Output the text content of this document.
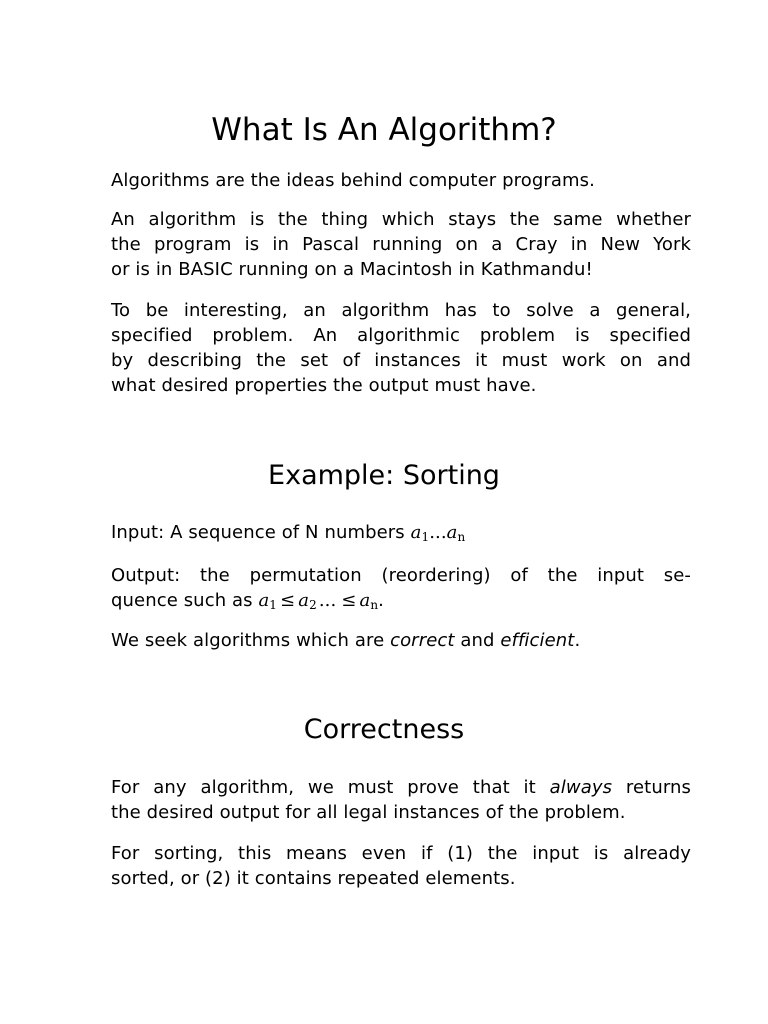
What Is An Algorithm?

Algorithms are the ideas behind computer programs.

An algorithm is the thing which stays the same whether
the program is in Pascal running on a Cray in New York
or is in BASIC running on a Macintosh in Kathmandu!

To be interesting, an algorithm has to solve a general,
specified problem. An algorithmic problem is specified
by describing the set of instances it must work on and
what desired properties the output must have.

Example: Sorting

Input: A sequence of N numbers $a_1...a_n$

Output: the permutation (reordering) of the input se-
quence such as $a_1 \le a_2$ ... ≤ $a_n$.

We seek algorithms which are correct and efficient.

Correctness

For any algorithm, we must prove that it always returns
the desired output for all legal instances of the problem.

For sorting, this means even if (1) the input is already
sorted, or (2) it contains repeated elements.
